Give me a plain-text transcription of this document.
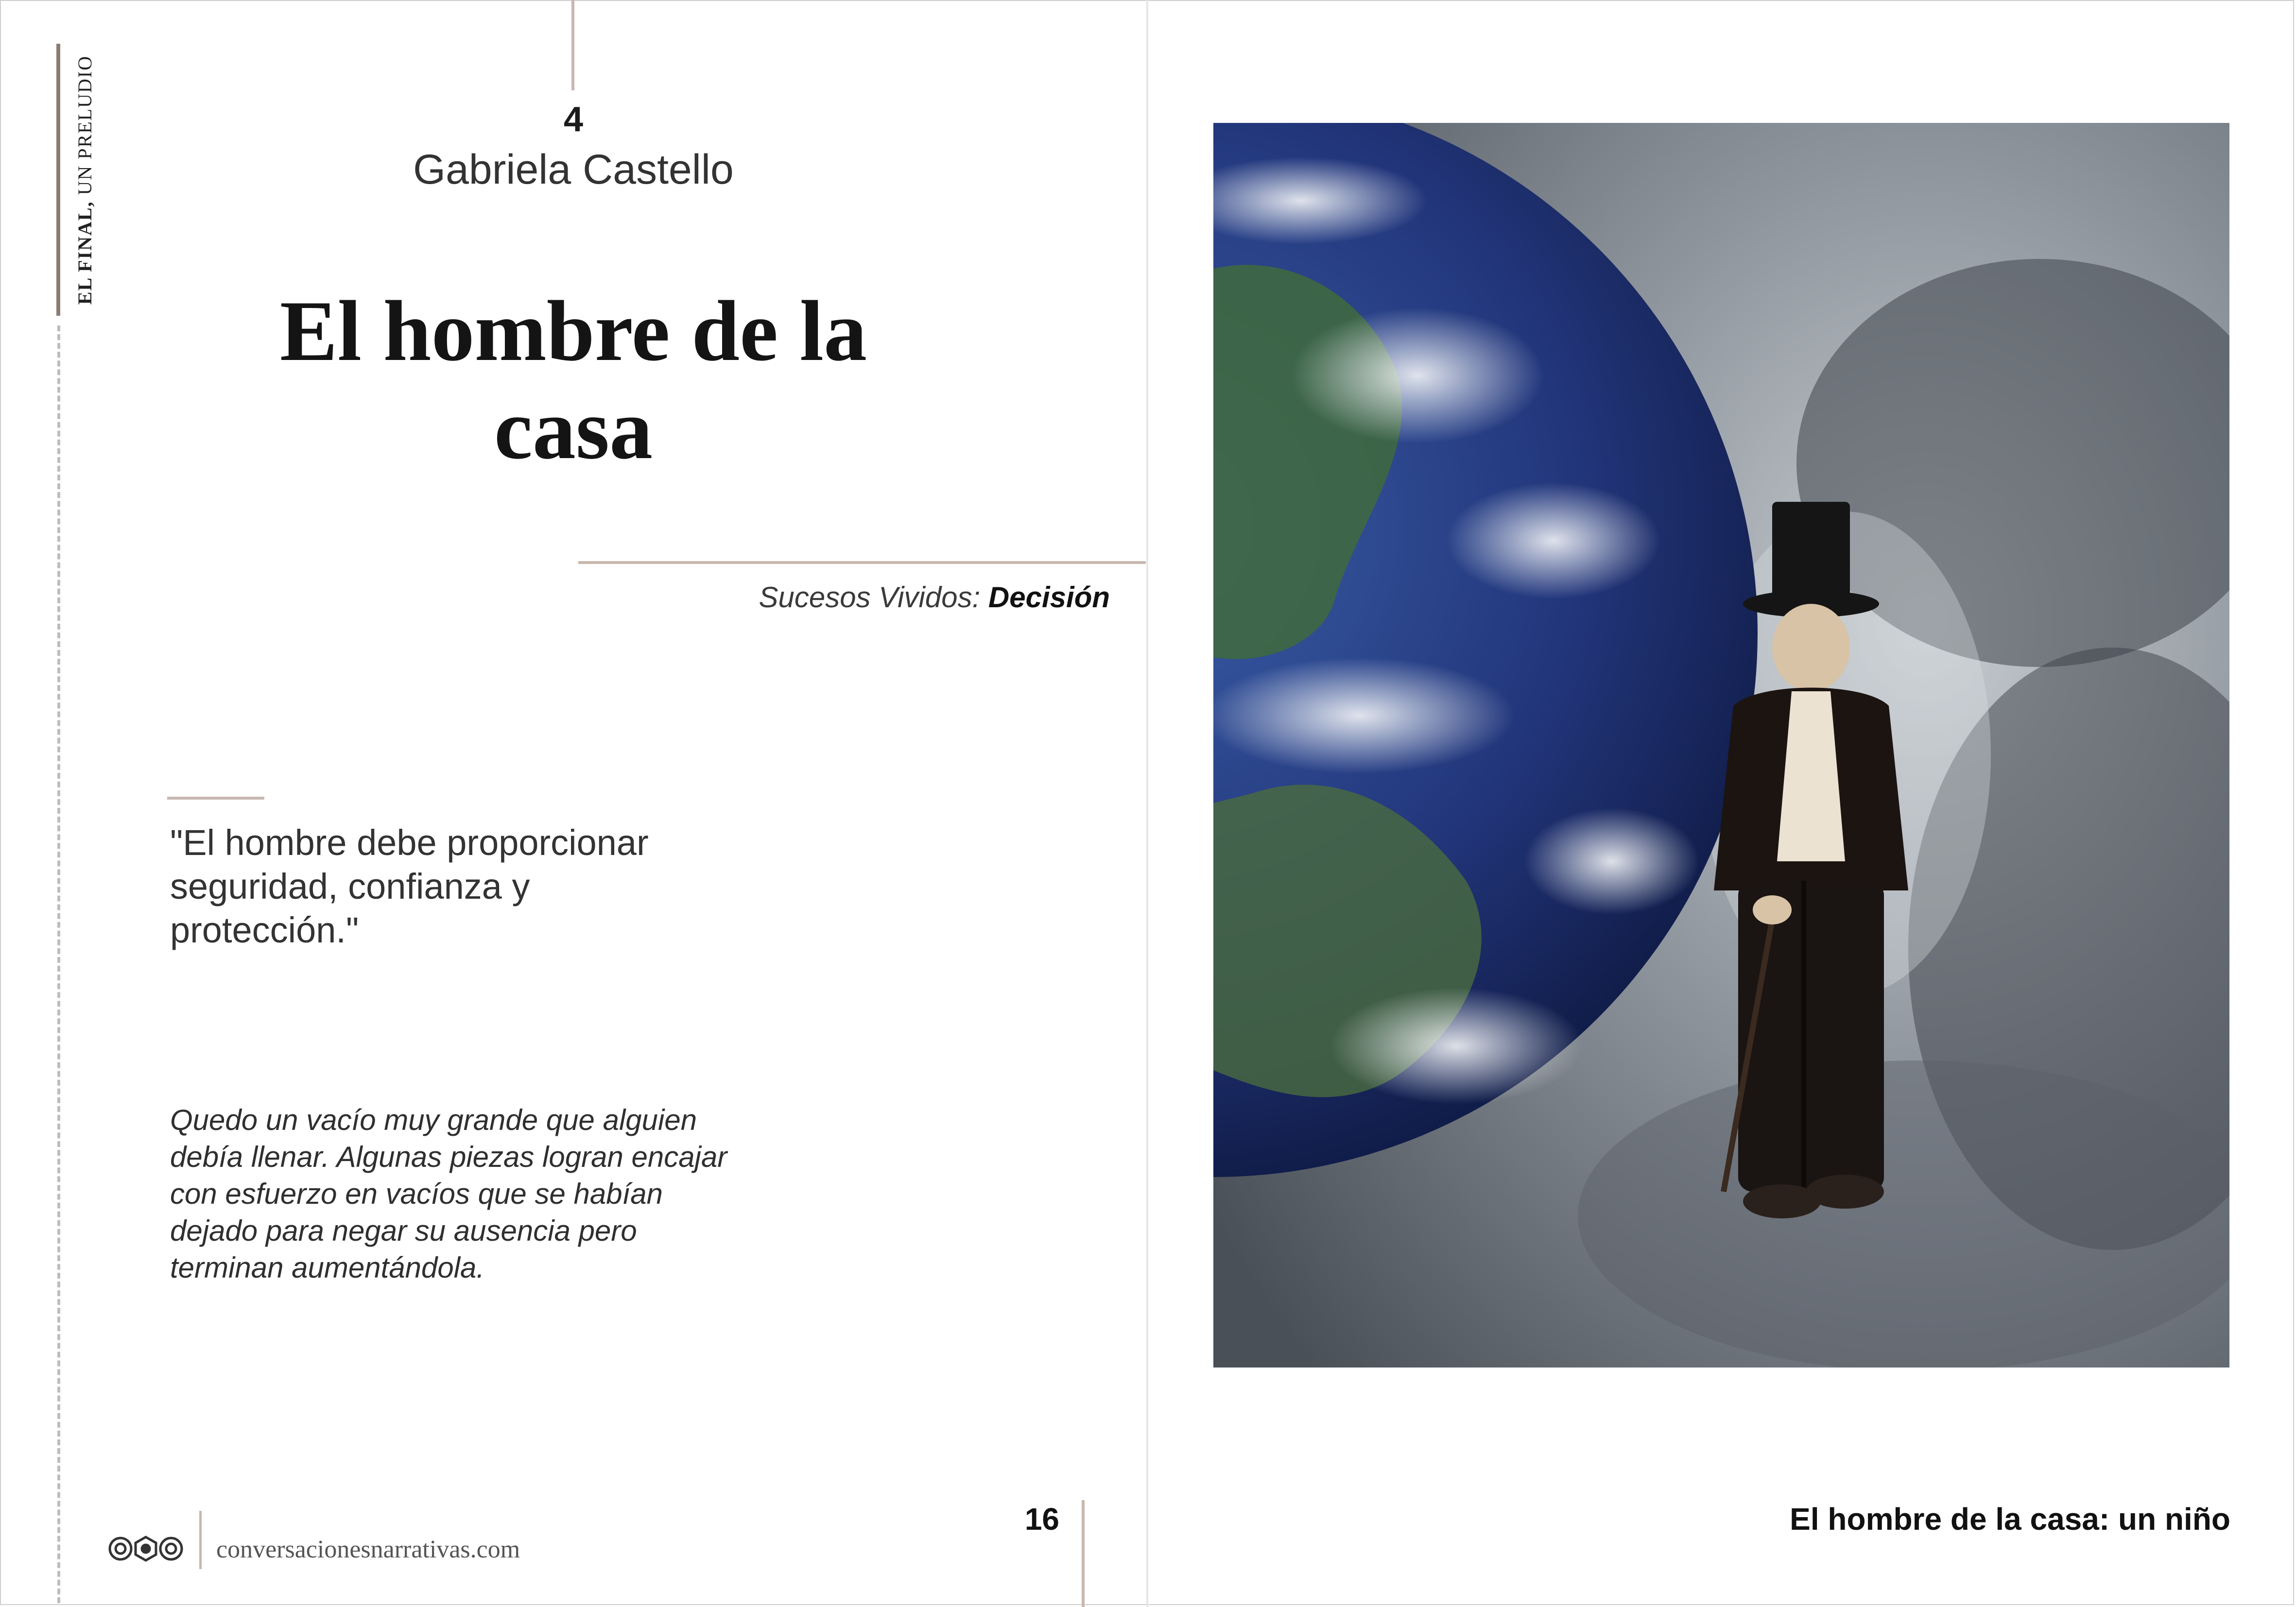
EL FINAL, UN PRELUDIO	4
Gabriela Castello
El hombre de la
casa
Sucesos Vividos: Decisión
"El hombre debe proporcionar
seguridad, confianza y
protección."
Quedo un vacío muy grande que alguien
debía llenar. Algunas piezas logran encajar
con esfuerzo en vacíos que se habían
dejado para negar su ausencia pero
terminan aumentándola.
conversacionesnarrativas.com
16	El hombre de la casa: un niño
